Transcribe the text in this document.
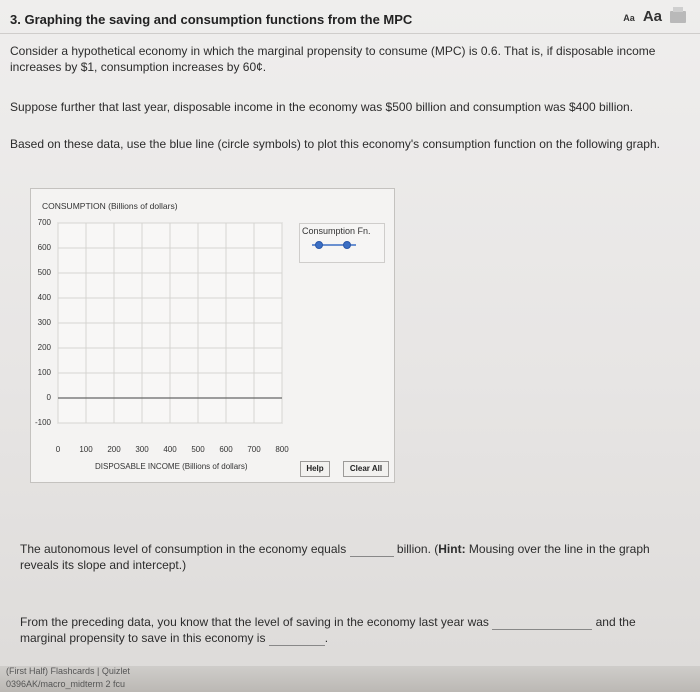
3. Graphing the saving and consumption functions from the MPC	Aa Aa
Consider a hypothetical economy in which the marginal propensity to consume (MPC) is 0.6. That is, if disposable income increases by $1, consumption increases by 60¢.
Suppose further that last year, disposable income in the economy was $500 billion and consumption was $400 billion.
Based on these data, use the blue line (circle symbols) to plot this economy's consumption function on the following graph.
CONSUMPTION (Billions of dollars)
700
600
500
400
300
200
100
0
-100
0	100	200	300	400	500	600	700	800
Consumption Fn.
DISPOSABLE INCOME (Billions of dollars)	Help	Clear All
The autonomous level of consumption in the economy equals	billion. (Hint: Mousing over the line in the graph reveals its slope and intercept.)
From the preceding data, you know that the level of saving in the economy last year was	and the marginal propensity to save in this economy is	.
(First Half) Flashcards | Quizlet
0396AK/macro_midterm 2 fcu
